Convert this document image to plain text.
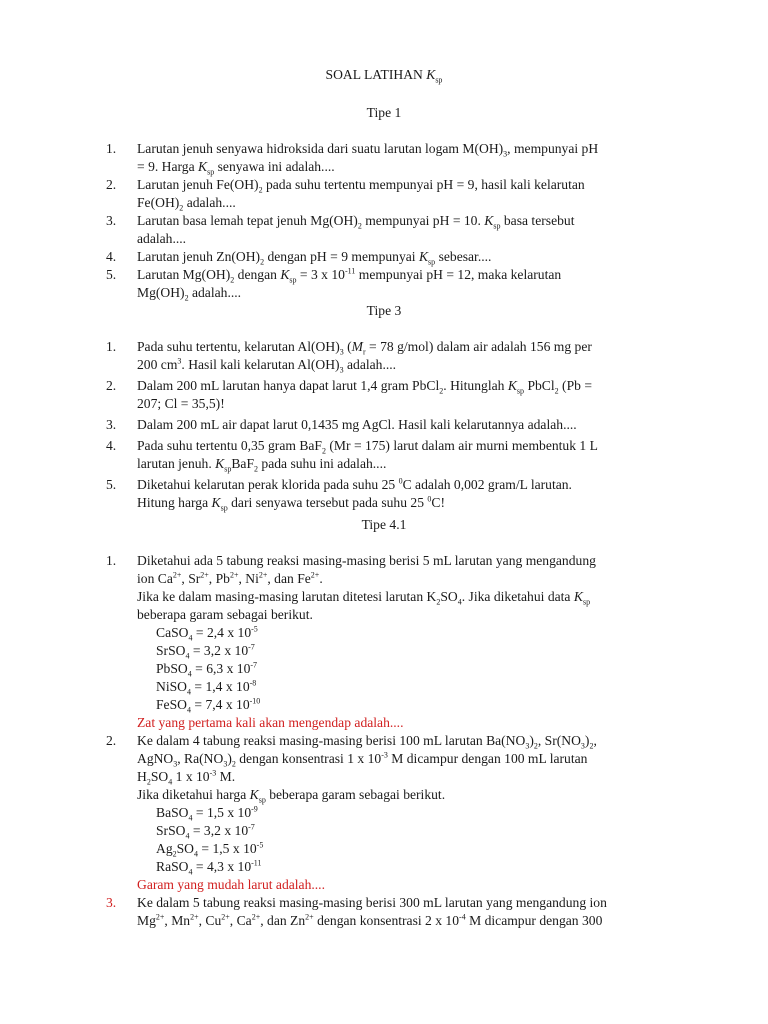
SOAL LATIHAN $K_{sp}$
Tipe 1
1. Larutan jenuh senyawa hidroksida dari suatu larutan logam $M(OH)_3$, mempunyai pH
= 9. Harga $K_{sp}$ senyawa ini adalah....
2. Larutan jenuh $Fe(OH)_2$ pada suhu tertentu mempunyai pH = 9, hasil kali kelarutan
$Fe(OH)_2$ adalah....
3. Larutan basa lemah tepat jenuh $Mg(OH)_2$ mempunyai pH = 10. $K_{sp}$ basa tersebut
adalah....
4. Larutan jenuh $Zn(OH)_2$ dengan pH = 9 mempunyai $K_{sp}$ sebesar....
5. Larutan $Mg(OH)_2$ dengan $K_{sp} = 3$ x $10^{-11}$ mempunyai pH = 12, maka kelarutan
$Mg(OH)_2$ adalah....
Tipe 3
1. Pada suhu tertentu, kelarutan $Al(OH)_3$ ($M_r = 78$ g/mol) dalam air adalah 156 mg per
200 $cm^3$. Hasil kali kelarutan $Al(OH)_3$ adalah....
2. Dalam 200 mL larutan hanya dapat larut 1,4 gram PbCl$_2$. Hitunglah $K_{sp}$ PbCl$_2$ (Pb =
207; Cl = 35,5)!
3. Dalam 200 mL air dapat larut 0,1435 mg AgCl. Hasil kali kelarutannya adalah....
4. Pada suhu tertentu 0,35 gram BaF$_2$ (Mr = 175) larut dalam air murni membentuk 1 L
larutan jenuh. $K_{sp}BaF_2$ pada suhu ini adalah....
5. Diketahui kelarutan perak klorida pada suhu 25 $^0$C adalah 0,002 gram/L larutan.
Hitung harga $K_{sp}$ dari senyawa tersebut pada suhu 25 $^0$C!
Tipe 4.1
1. Diketahui ada 5 tabung reaksi masing-masing berisi 5 mL larutan yang mengandung
ion $Ca^{2+}$, $Sr^{2+}$, $Pb^{2+}$, $Ni^{2+}$, dan $Fe^{2+}$.
Jika ke dalam masing-masing larutan ditetesi larutan $K_2SO_4$. Jika diketahui data $K_{sp}$
beberapa garam sebagai berikut.
CaSO$_4$ = 2,4 x $10^{-5}$
SrSO$_4$ = 3,2 x $10^{-7}$
PbSO$_4$ = 6,3 x $10^{-7}$
NiSO$_4$ = 1,4 x $10^{-8}$
FeSO$_4$ = 7,4 x $10^{-10}$
Zat yang pertama kali akan mengendap adalah....
2. Ke dalam 4 tabung reaksi masing-masing berisi 100 mL larutan $Ba(NO_3)_2$, $Sr(NO_3)_2$,
AgNO$_3$, $Ra(NO_3)_2$ dengan konsentrasi 1 x $10^{-3}$ M dicampur dengan 100 mL larutan
$H_2SO_4$ 1 x $10^{-3}$ M.
Jika diketahui harga $K_{sp}$ beberapa garam sebagai berikut.
BaSO$_4$ = 1,5 x $10^{-9}$
SrSO$_4$ = 3,2 x $10^{-7}$
$Ag_2SO_4 = 1,5$ x $10^{-5}$
RaSO$_4$ = 4,3 x $10^{-11}$
Garam yang mudah larut adalah....
3. Ke dalam 5 tabung reaksi masing-masing berisi 300 mL larutan yang mengandung ion
$Mg^{2+}$, $Mn^{2+}$, $Cu^{2+}$, $Ca^{2+}$, dan $Zn^{2+}$ dengan konsentrasi 2 x $10^{-4}$ M dicampur dengan 300
